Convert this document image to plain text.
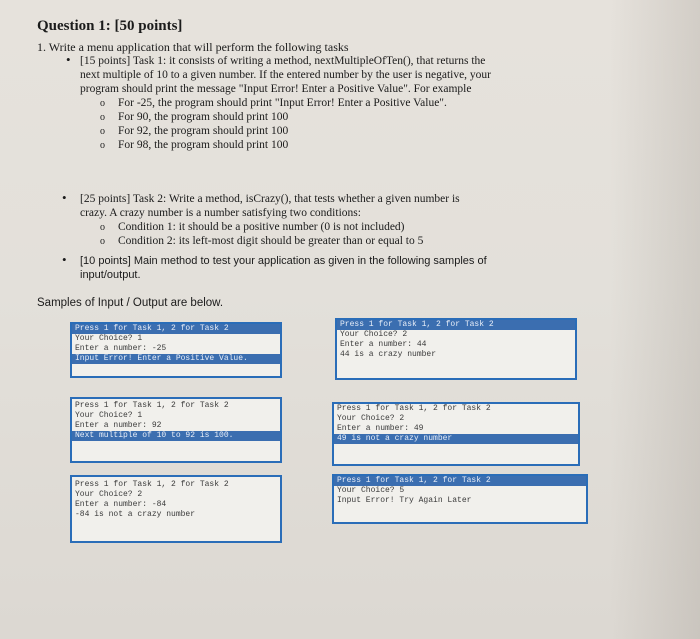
Question 1: [50 points]
1. Write a menu application that will perform the following tasks
• [15 points] Task 1: it consists of writing a method, nextMultipleOfTen(), that returns the
next multiple of 10 to a given number. If the entered number by the user is negative, your
program should print the message "Input Error! Enter a Positive Value". For example
o For -25, the program should print "Input Error! Enter a Positive Value".
o For 90, the program should print 100
o For 92, the program should print 100
o For 98, the program should print 100
• [25 points] Task 2: Write a method, isCrazy(), that tests whether a given number is
crazy. A crazy number is a number satisfying two conditions:
o Condition 1: it should be a positive number (0 is not included)
o Condition 2: its left-most digit should be greater than or equal to 5
• [10 points] Main method to test your application as given in the following samples of
input/output.
Samples of Input / Output are below.
Press 1 for Task 1, 2 for Task 2
Your Choice? 1
Enter a number: -25
Input Error! Enter a Positive Value.
Press 1 for Task 1, 2 for Task 2
Your Choice? 1
Enter a number: 92
Next multiple of 10 to 92 is 100.
Press 1 for Task 1, 2 for Task 2
Your Choice? 2
Enter a number: -84
-84 is not a crazy number
Press 1 for Task 1, 2 for Task 2
Your Choice? 2
Enter a number: 44
44 is a crazy number
Press 1 for Task 1, 2 for Task 2
Your Choice? 2
Enter a number: 49
49 is not a crazy number
Press 1 for Task 1, 2 for Task 2
Your Choice? 5
Input Error! Try Again Later
